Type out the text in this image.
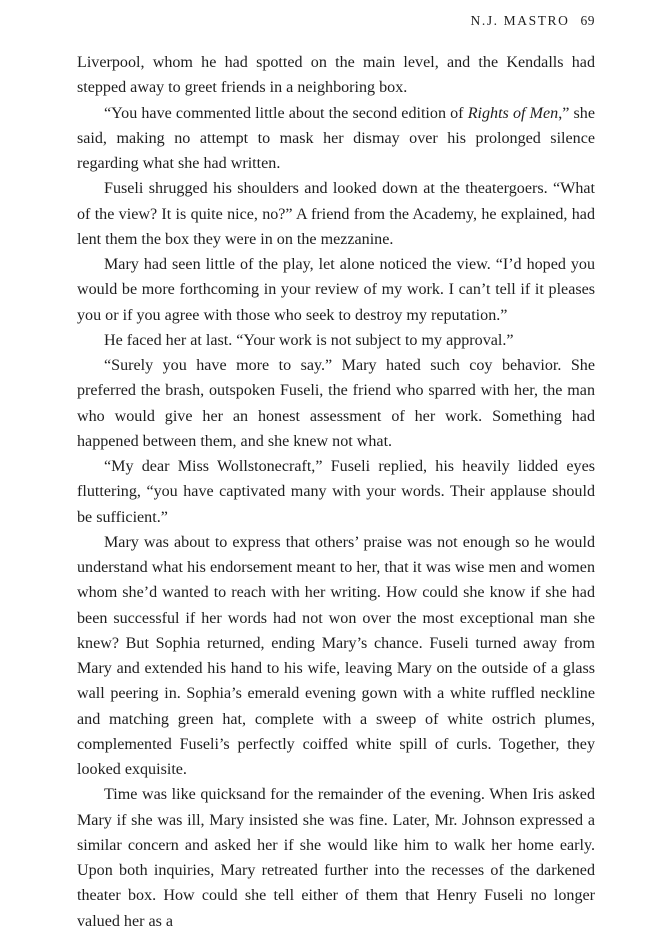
N.J. MASTRO 69

Liverpool, whom he had spotted on the main level, and the Kendalls had stepped away to greet friends in a neighboring box.

“You have commented little about the second edition of Rights of Men,” she said, making no attempt to mask her dismay over his prolonged silence regarding what she had written.

Fuseli shrugged his shoulders and looked down at the theatergoers. “What of the view? It is quite nice, no?” A friend from the Academy, he explained, had lent them the box they were in on the mezzanine.

Mary had seen little of the play, let alone noticed the view. “I’d hoped you would be more forthcoming in your review of my work. I can’t tell if it pleases you or if you agree with those who seek to destroy my reputation.”

He faced her at last. “Your work is not subject to my approval.”

“Surely you have more to say.” Mary hated such coy behavior. She preferred the brash, outspoken Fuseli, the friend who sparred with her, the man who would give her an honest assessment of her work. Something had happened between them, and she knew not what.

“My dear Miss Wollstonecraft,” Fuseli replied, his heavily lidded eyes fluttering, “you have captivated many with your words. Their applause should be sufficient.”

Mary was about to express that others’ praise was not enough so he would understand what his endorsement meant to her, that it was wise men and women whom she’d wanted to reach with her writing. How could she know if she had been successful if her words had not won over the most exceptional man she knew? But Sophia returned, ending Mary’s chance. Fuseli turned away from Mary and extended his hand to his wife, leaving Mary on the outside of a glass wall peering in. Sophia’s emerald evening gown with a white ruffled neckline and matching green hat, complete with a sweep of white ostrich plumes, complemented Fuseli’s perfectly coiffed white spill of curls. Together, they looked exquisite.

Time was like quicksand for the remainder of the evening. When Iris asked Mary if she was ill, Mary insisted she was fine. Later, Mr. Johnson expressed a similar concern and asked her if she would like him to walk her home early. Upon both inquiries, Mary retreated further into the recesses of the darkened theater box. How could she tell either of them that Henry Fuseli no longer valued her as a
